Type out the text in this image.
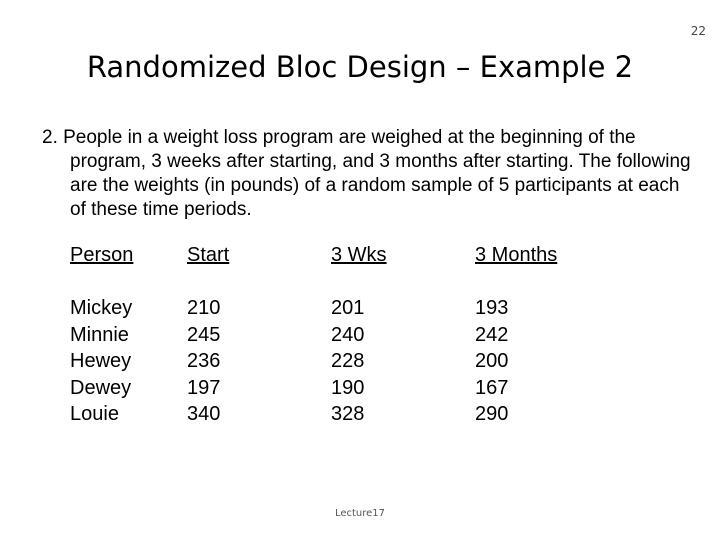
22
Randomized Bloc Design – Example 2

2. People in a weight loss program are weighed at the beginning of the program, 3 weeks after starting, and 3 months after starting. The following are the weights (in pounds) of a random sample of 5 participants at each of these time periods.

Person
Mickey
Minnie
Hewey
Dewey
Louie
Start
210
245
236
197
340
3 Wks
201
240
228
190
328
3 Months
193
242
200
167
290
Lecture17
